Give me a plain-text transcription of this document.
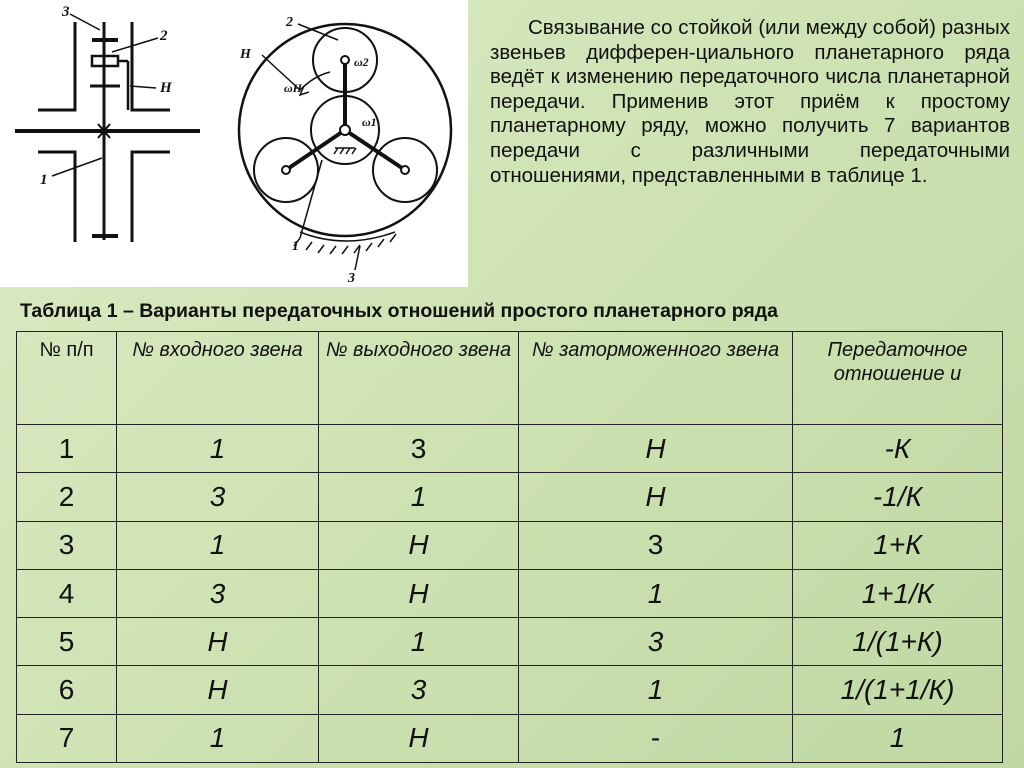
3
2
H
1
2
H	ω2
ωH
ω1
1
3

Связывание со стойкой (или между собой) разных звеньев дифферен-циального планетарного ряда ведёт к изменению передаточного числа планетарной передачи. Применив этот приём к простому планетарному ряду, можно получить 7 вариантов передачи с различными передаточными отношениями, представленными в таблице 1.

Таблица 1 – Варианты передаточных отношений простого планетарного ряда
№ п/п	№ входного звена	№ выходного звена	№ заторможенного звена	Передаточное отношение и
1	1	3	Н	-К
2	3	1	Н	-1/К
3	1	Н	3	1+К
4	3	Н	1	1+1/К
5	Н	1	3	1/(1+К)
6	Н	3	1	1/(1+1/К)
7	1	Н	-	1
